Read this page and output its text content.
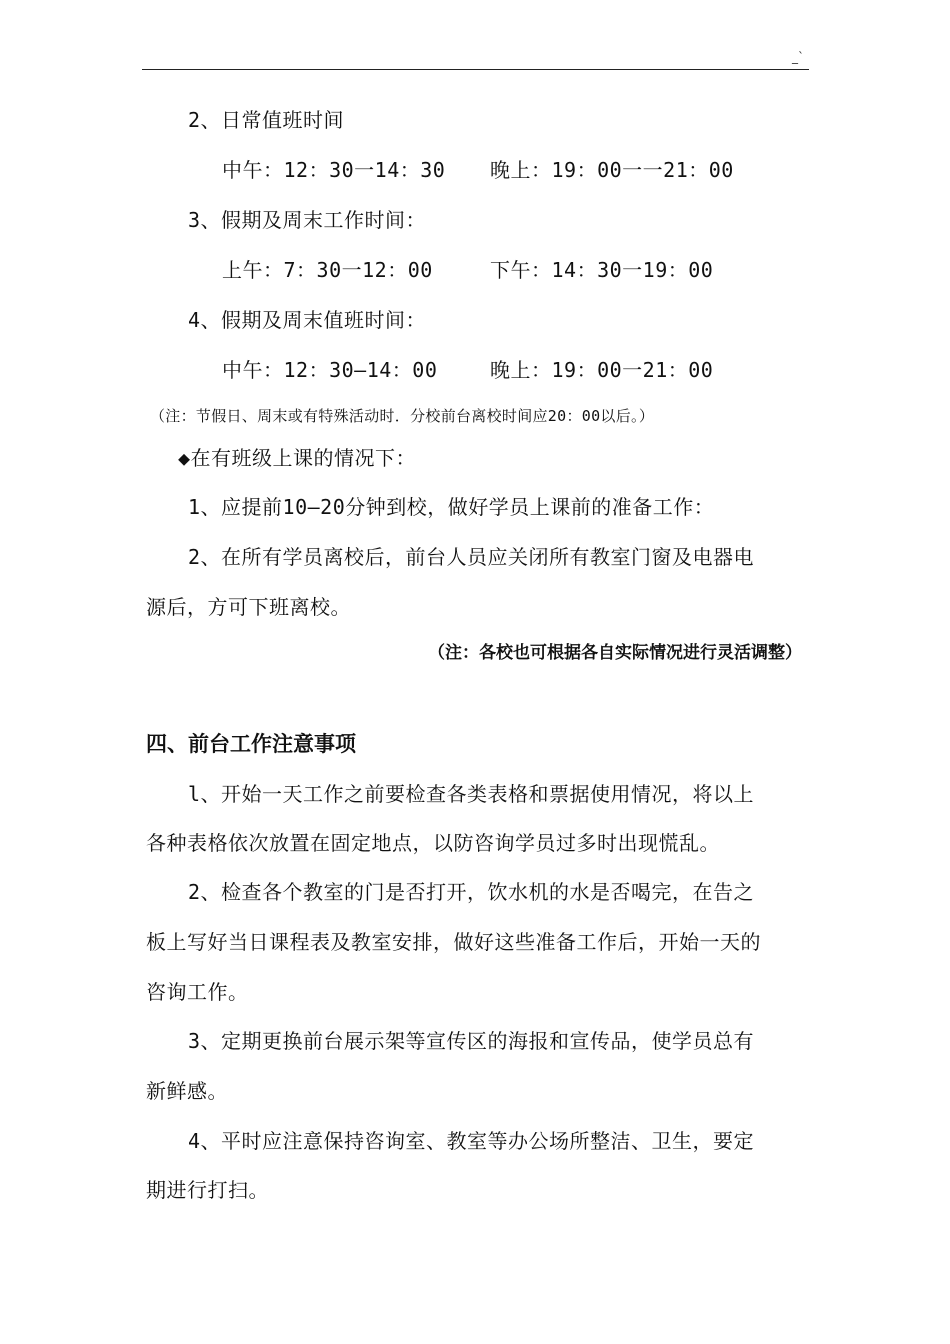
_`
2、日常值班时间
中午：12：30一14：30 晚上：19：00一一21：00
3、假期及周末工作时间：
上午：7：30一12：00	下午：14：30一19：00
4、假期及周末值班时间：
中午：12：30—14：00	晚上：19：00一21：00
（注：节假日、周末或有特殊活动时．分校前台离校时间应20：00以后。）
◆在有班级上课的情况下：
1、应提前10—20分钟到校，做好学员上课前的准备工作：
2、在所有学员离校后，前台人员应关闭所有教室门窗及电器电
源后，方可下班离校。
（注：各校也可根据各自实际情况进行灵活调整）
四、前台工作注意事项
l、开始一天工作之前要检查各类表格和票据使用情况，将以上
各种表格依次放置在固定地点，以防咨询学员过多时出现慌乱。
2、检查各个教室的门是否打开，饮水机的水是否喝完，在告之
板上写好当日课程表及教室安排，做好这些准备工作后，开始一天的
咨询工作。
3、定期更换前台展示架等宣传区的海报和宣传品，使学员总有
新鲜感。
4、平时应注意保持咨询室、教室等办公场所整洁、卫生，要定
期进行打扫。
